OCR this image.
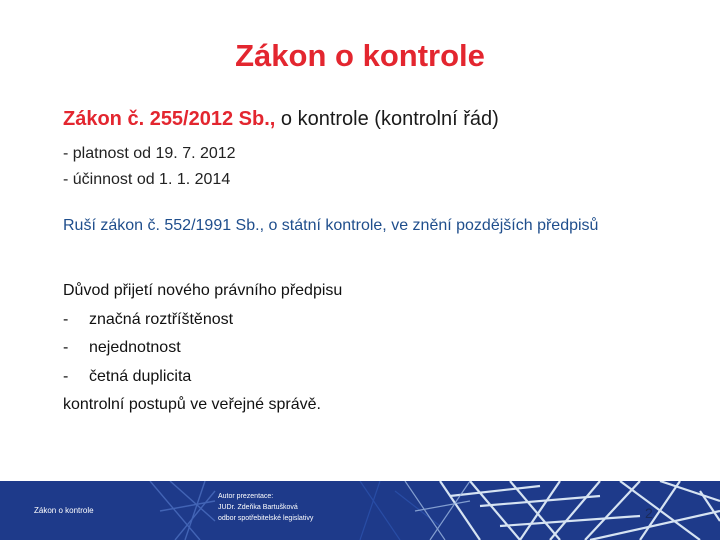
Zákon o kontrole
Zákon č. 255/2012 Sb., o kontrole (kontrolní řád)
- platnost od 19. 7. 2012
- účinnost od 1. 1. 2014
Ruší zákon č. 552/1991 Sb., o státní kontrole, ve znění pozdějších předpisů
Důvod přijetí nového právního předpisu
- značná roztříštěnost
- nejednotnost
- četná duplicita
kontrolní postupů ve veřejné správě.
Zákon o kontrole
Autor prezentace:
JUDr. Zdeňka Bartušková
odbor spotřebitelské legislativy	2
